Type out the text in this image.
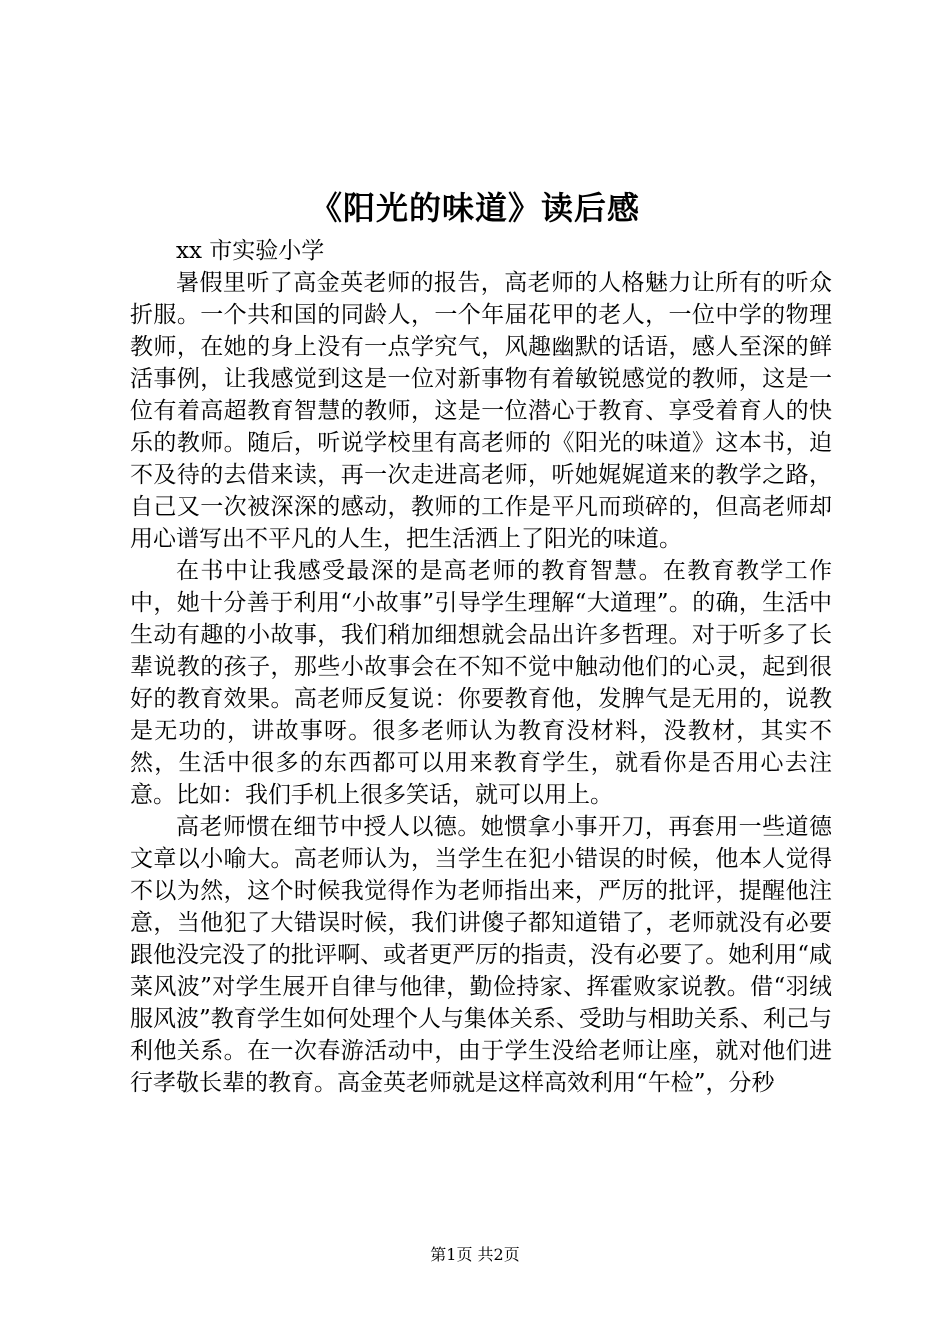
《阳光的味道》读后感

xx 市实验小学

暑假里听了高金英老师的报告，高老师的人格魅力让所有的听众折服。一个共和国的同龄人，一个年届花甲的老人，一位中学的物理教师，在她的身上没有一点学究气，风趣幽默的话语，感人至深的鲜活事例，让我感觉到这是一位对新事物有着敏锐感觉的教师，这是一位有着高超教育智慧的教师，这是一位潜心于教育、享受着育人的快乐的教师。随后，听说学校里有高老师的《阳光的味道》这本书，迫不及待的去借来读，再一次走进高老师，听她娓娓道来的教学之路，自己又一次被深深的感动，教师的工作是平凡而琐碎的，但高老师却用心谱写出不平凡的人生，把生活洒上了阳光的味道。

在书中让我感受最深的是高老师的教育智慧。在教育教学工作中，她十分善于利用“小故事”引导学生理解“大道理”。的确，生活中生动有趣的小故事，我们稍加细想就会品出许多哲理。对于听多了长辈说教的孩子，那些小故事会在不知不觉中触动他们的心灵，起到很好的教育效果。高老师反复说：你要教育他，发脾气是无用的，说教是无功的，讲故事呀。很多老师认为教育没材料，没教材，其实不然，生活中很多的东西都可以用来教育学生，就看你是否用心去注意。比如：我们手机上很多笑话，就可以用上。

高老师惯在细节中授人以德。她惯拿小事开刀，再套用一些道德文章以小喻大。高老师认为，当学生在犯小错误的时候，他本人觉得不以为然，这个时候我觉得作为老师指出来，严厉的批评，提醒他注意，当他犯了大错误时候，我们讲傻子都知道错了，老师就没有必要跟他没完没了的批评啊、或者更严厉的指责，没有必要了。她利用“咸菜风波”对学生展开自律与他律，勤俭持家、挥霍败家说教。借“羽绒服风波”教育学生如何处理个人与集体关系、受助与相助关系、利己与利他关系。在一次春游活动中，由于学生没给老师让座，就对他们进行孝敬长辈的教育。高金英老师就是这样高效利用“午检”，分秒

第1页 共2页
